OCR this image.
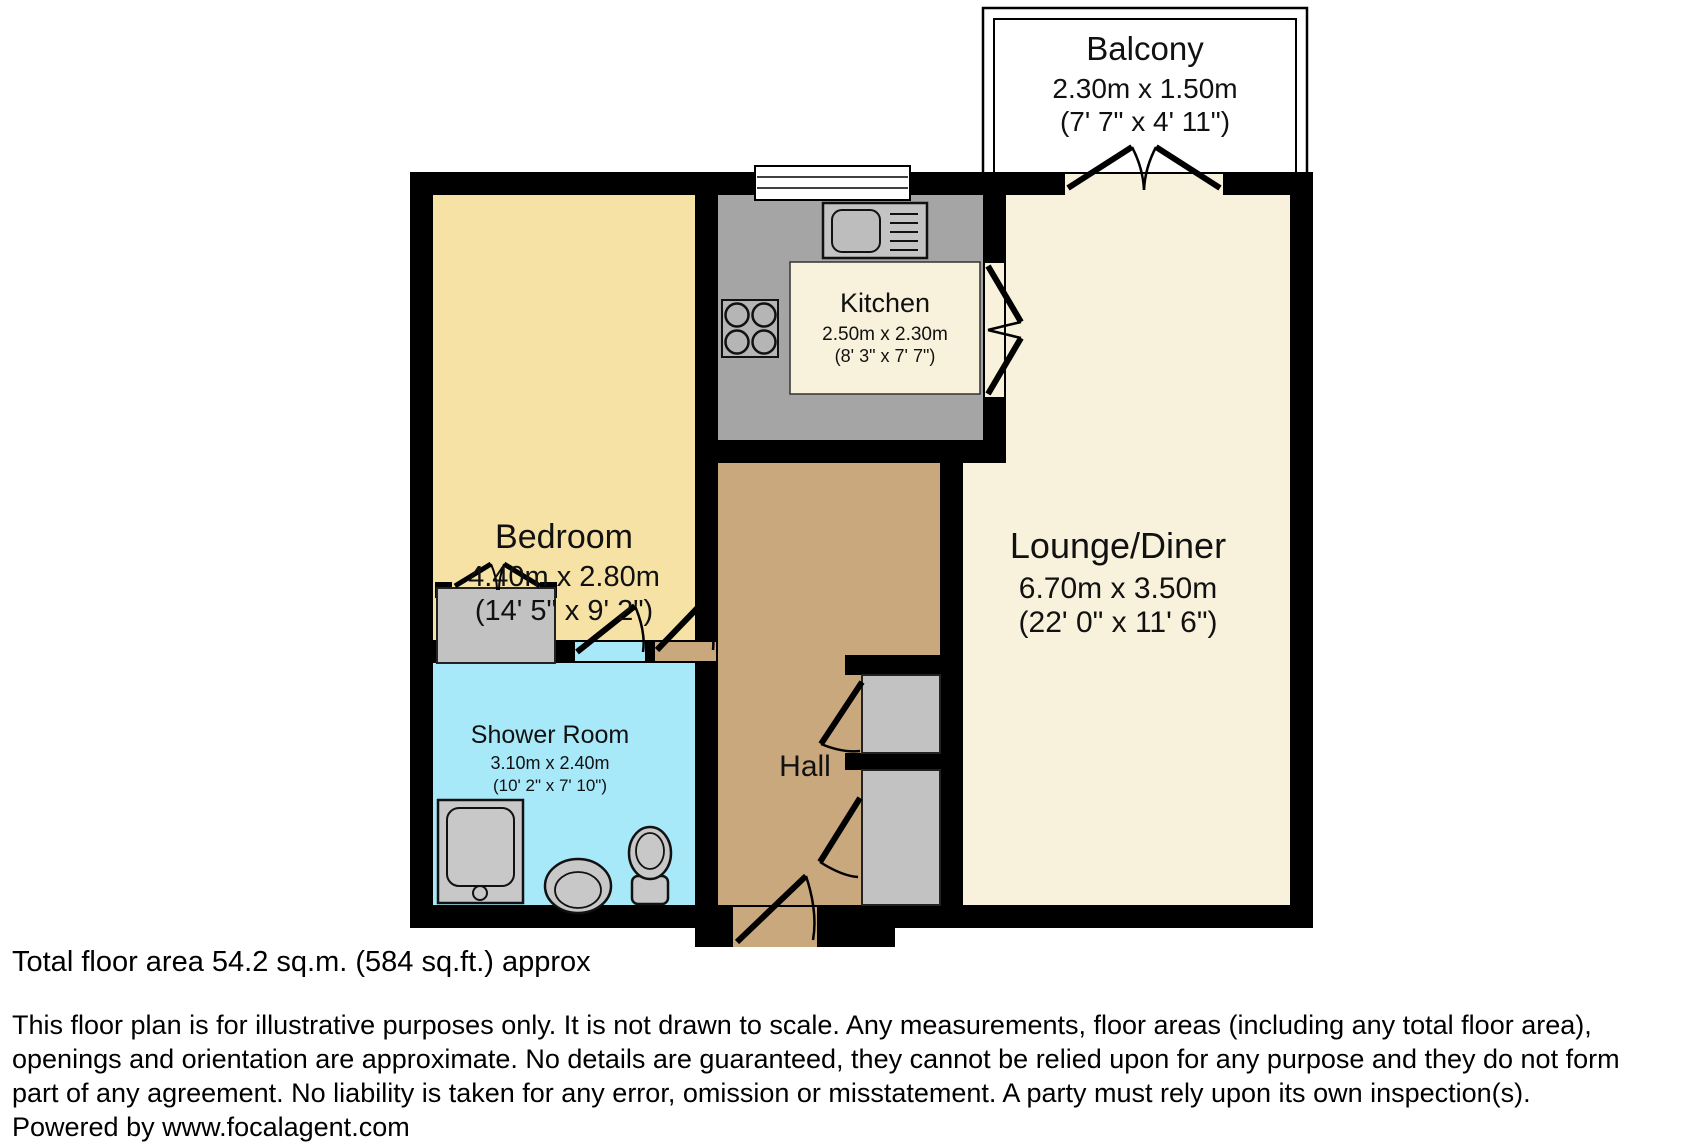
Balcony
2.30m x 1.50m
(7' 7" x 4' 11")
Bedroom
4.40m x 2.80m
(14' 5" x 9' 2")
Kitchen
2.50m x 2.30m
(8' 3" x 7' 7")
Lounge/Diner
6.70m x 3.50m
(22' 0" x 11' 6")
Shower Room
3.10m x 2.40m
(10' 2" x 7' 10")
Hall
Total floor area 54.2 sq.m. (584 sq.ft.) approx
This floor plan is for illustrative purposes only. It is not drawn to scale. Any measurements, floor areas (including any total floor area),
openings and orientation are approximate. No details are guaranteed, they cannot be relied upon for any purpose and they do not form
part of any agreement. No liability is taken for any error, omission or misstatement. A party must rely upon its own inspection(s).
Powered by www.focalagent.com
